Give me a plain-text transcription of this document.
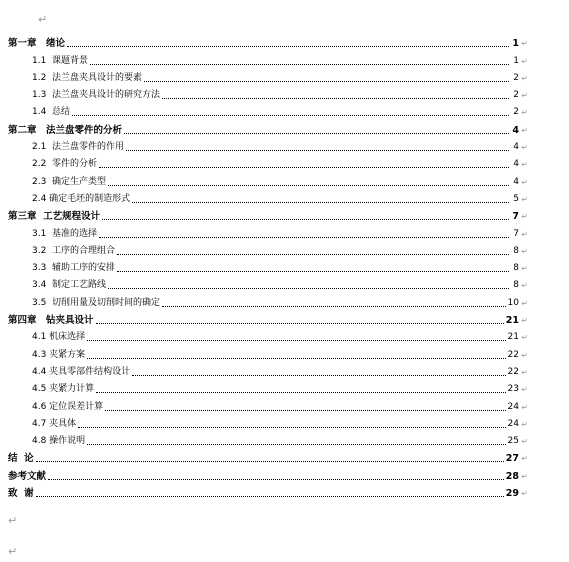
↵
第一章　绪论	1 ↵
1.1  课题背景	1 ↵
1.2  法兰盘夹具设计的要素	2 ↵
1.3  法兰盘夹具设计的研究方法	2 ↵
1.4  总结	2 ↵
第二章　法兰盘零件的分析	4 ↵
2.1  法兰盘零件的作用	4 ↵
2.2  零件的分析	4 ↵
2.3  确定生产类型	4 ↵
2.4 确定毛坯的制造形式	5 ↵
第三章  工艺规程设计	7 ↵
3.1  基准的选择	7 ↵
3.2  工序的合理组合	8 ↵
3.3  辅助工序的安排	8 ↵
3.4  制定工艺路线	8 ↵
3.5  切削用量及切削时间的确定	10 ↵
第四章　钻夹具设计	21 ↵
4.1 机床选择	21 ↵
4.3 夹紧方案	22 ↵
4.4 夹具零部件结构设计	22 ↵
4.5 夹紧力计算	23 ↵
4.6 定位误差计算	24 ↵
4.7 夹具体	24 ↵
4.8 操作说明	25 ↵
结  论	27 ↵
参考文献	28 ↵
致  谢	29 ↵
↵
↵
